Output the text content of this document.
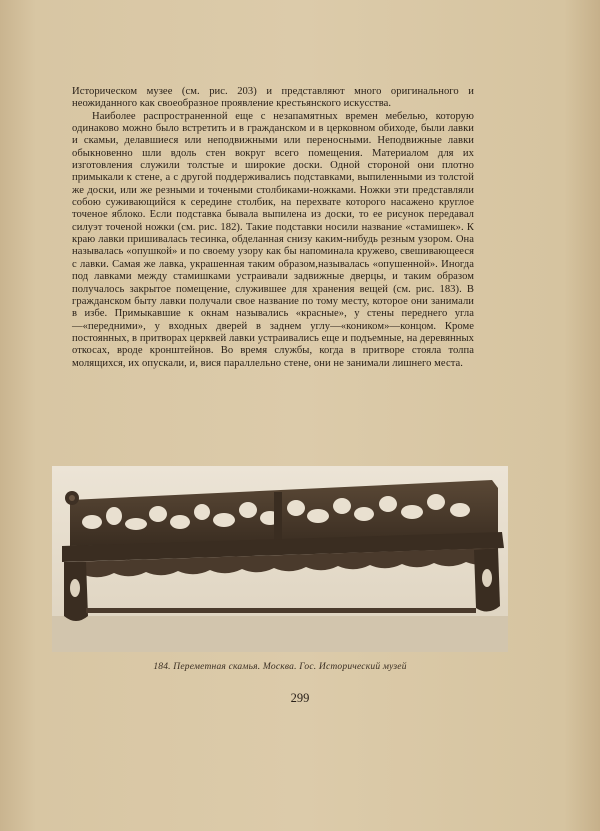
Историческом музее (см. рис. 203) и представляют много оригинального и неожиданного как своеобразное проявление крестьянского искусства.

Наиболее распространенной еще с незапамятных времен мебелью, которую одинаково можно было встретить и в гражданском и в церковном обиходе, были лавки и скамьи, делавшиеся или неподвижными или переносными. Неподвижные лавки обыкновенно шли вдоль стен вокруг всего помещения. Материалом для их изготовления служили толстые и широкие доски. Одной стороной они плотно примыкали к стене, а с другой поддерживались подставками, выпиленными из толстой же доски, или же резными и точеными столбиками-ножками. Ножки эти представляли собою суживающийся к середине столбик, на перехвате которого насажено круглое точеное яблоко. Если подставка бывала выпилена из доски, то ее рисунок передавал силуэт точеной ножки (см. рис. 182). Такие подставки носили название «стамишек». К краю лавки пришивалась тесинка, обделанная снизу каким-нибудь резным узором. Она называлась «опушкой» и по своему узору как бы напоминала кружево, свешивающееся с лавки. Самая же лавка, украшенная таким образом,называлась «опушенной». Иногда под лавками между стамишками устраивали задвижные дверцы, и таким образом получалось закрытое помещение, служившее для хранения вещей (см. рис. 183). В гражданском быту лавки получали свое название по тому месту, которое они занимали в избе. Примыкавшие к окнам назывались «красные», у стены переднего угла—«передними», у входных дверей в заднем углу—«коником»—концом. Кроме постоянных, в притворах церквей лавки устраивались еще и подъемные, на деревянных откосах, вроде кронштейнов. Во время службы, когда в притворе стояла толпа молящихся, их опускали, и, вися параллельно стене, они не занимали лишнего места.

184. Переметная скамья. Москва. Гос. Исторический музей
299
